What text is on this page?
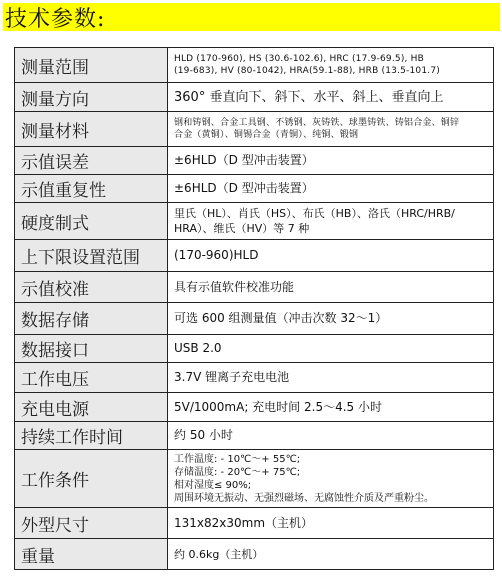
技术参数:
测量范围	HLD (170-960), HS (30.6-102.6), HRC (17.9-69.5), HB
(19-683), HV (80-1042), HRA(59.1-88), HRB (13.5-101.7)

测量方向	360° 垂直向下、斜下、水平、斜上、垂直向上

测量材料	钢和铸钢、合金工具钢、不锈钢、灰铸铁、球墨铸铁、铸铝合金、铜锌
合金（黄铜）、铜锡合金（青铜）、纯铜、锻钢

示值误差	±6HLD（D 型冲击装置）

示值重复性	±6HLD（D 型冲击装置）

硬度制式	里氏（HL）、肖氏（HS）、布氏（HB）、洛氏（HRC/HRB/
HRA）、维氏（HV）等 7 种

上下限设置范围	(170-960)HLD

示值校准	具有示值软件校准功能

数据存储	可选 600 组测量值（冲击次数 32～1）

数据接口	USB 2.0

工作电压	3.7V 锂离子充电电池

充电电源	5V/1000mA; 充电时间 2.5～4.5 小时

持续工作时间	约 50 小时

工作条件	工作温度: - 10℃～+ 55℃;
存储温度: - 20℃～+ 75℃;
相对湿度≤ 90%;
周围环境无振动、无强烈磁场、无腐蚀性介质及严重粉尘。

外型尺寸	131x82x30mm（主机）

重量	约 0.6kg（主机）
